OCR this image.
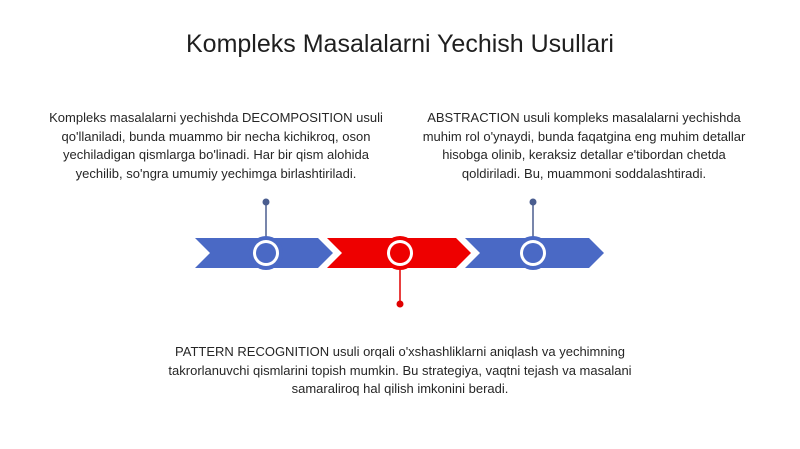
Kompleks Masalalarni Yechish Usullari
Kompleks masalalarni yechishda DECOMPOSITION usuli qo'llaniladi, bunda muammo bir necha kichikroq, oson yechiladigan qismlarga bo'linadi. Har bir qism alohida yechilib, so'ngra umumiy yechimga birlashtiriladi.
ABSTRACTION usuli kompleks masalalarni yechishda muhim rol o'ynaydi, bunda faqatgina eng muhim detallar hisobga olinib, keraksiz detallar e'tibordan chetda qoldiriladi. Bu, muammoni soddalashtiradi.
PATTERN RECOGNITION usuli orqali o'xshashliklarni aniqlash va yechimning takrorlanuvchi qismlarini topish mumkin. Bu strategiya, vaqtni tejash va masalani samaraliroq hal qilish imkonini beradi.
